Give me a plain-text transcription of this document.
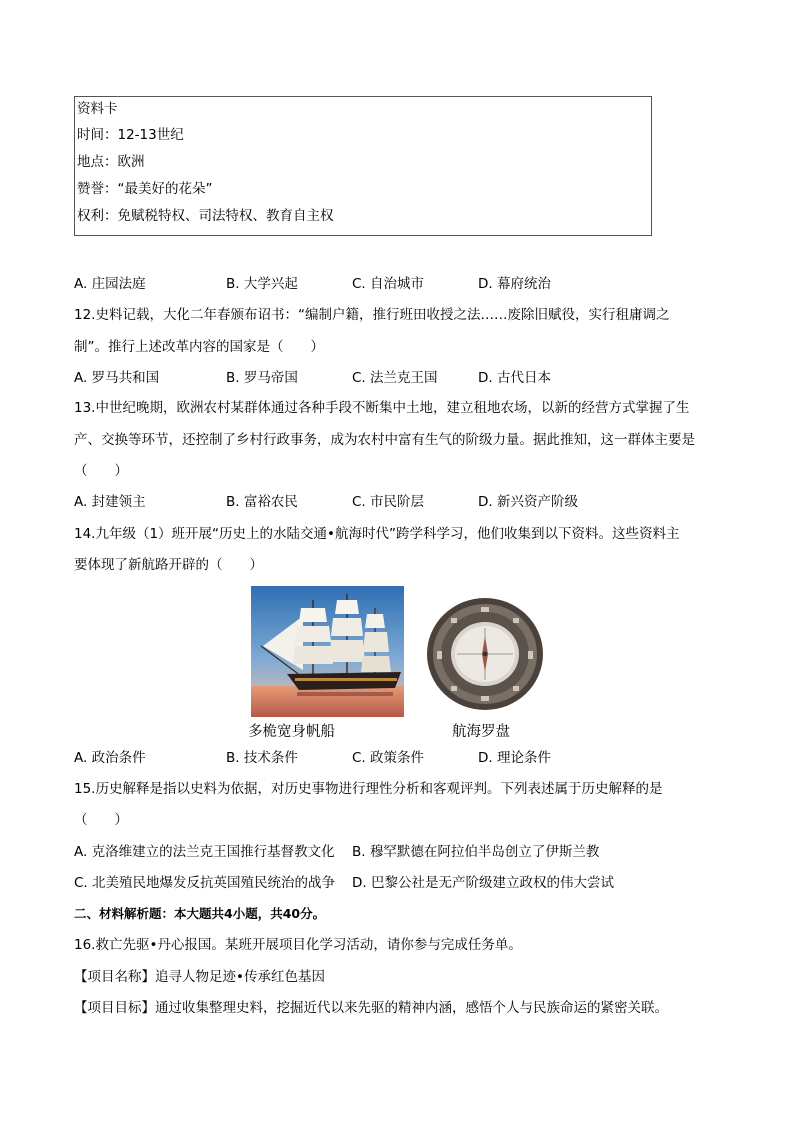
资料卡
时间：12-13世纪
地点：欧洲
赞誉：“最美好的花朵”
权利：免赋税特权、司法特权、教育自主权
A. 庄园法庭	B. 大学兴起	C. 自治城市	D. 幕府统治
12.史料记载，大化二年春颁布诏书：“编制户籍，推行班田收授之法……废除旧赋役，实行租庸调之
制”。推行上述改革内容的国家是（　　）
A. 罗马共和国	B. 罗马帝国	C. 法兰克王国	D. 古代日本
13.中世纪晚期，欧洲农村某群体通过各种手段不断集中土地，建立租地农场，以新的经营方式掌握了生
产、交换等环节，还控制了乡村行政事务，成为农村中富有生气的阶级力量。据此推知，这一群体主要是
（　　）
A. 封建领主	B. 富裕农民	C. 市民阶层	D. 新兴资产阶级
14.九年级（1）班开展“历史上的水陆交通•航海时代”跨学科学习，他们收集到以下资料。这些资料主
要体现了新航路开辟的（　　）
多桅宽身帆船	航海罗盘
A. 政治条件	B. 技术条件	C. 政策条件	D. 理论条件
15.历史解释是指以史料为依据，对历史事物进行理性分析和客观评判。下列表述属于历史解释的是
（　　）
A. 克洛维建立的法兰克王国推行基督教文化 B. 穆罕默德在阿拉伯半岛创立了伊斯兰教
C. 北美殖民地爆发反抗英国殖民统治的战争 D. 巴黎公社是无产阶级建立政权的伟大尝试
二、材料解析题：本大题共4小题，共40分。
16.救亡先驱•丹心报国。某班开展项目化学习活动，请你参与完成任务单。
【项目名称】追寻人物足迹•传承红色基因
【项目目标】通过收集整理史料，挖掘近代以来先驱的精神内涵，感悟个人与民族命运的紧密关联。
